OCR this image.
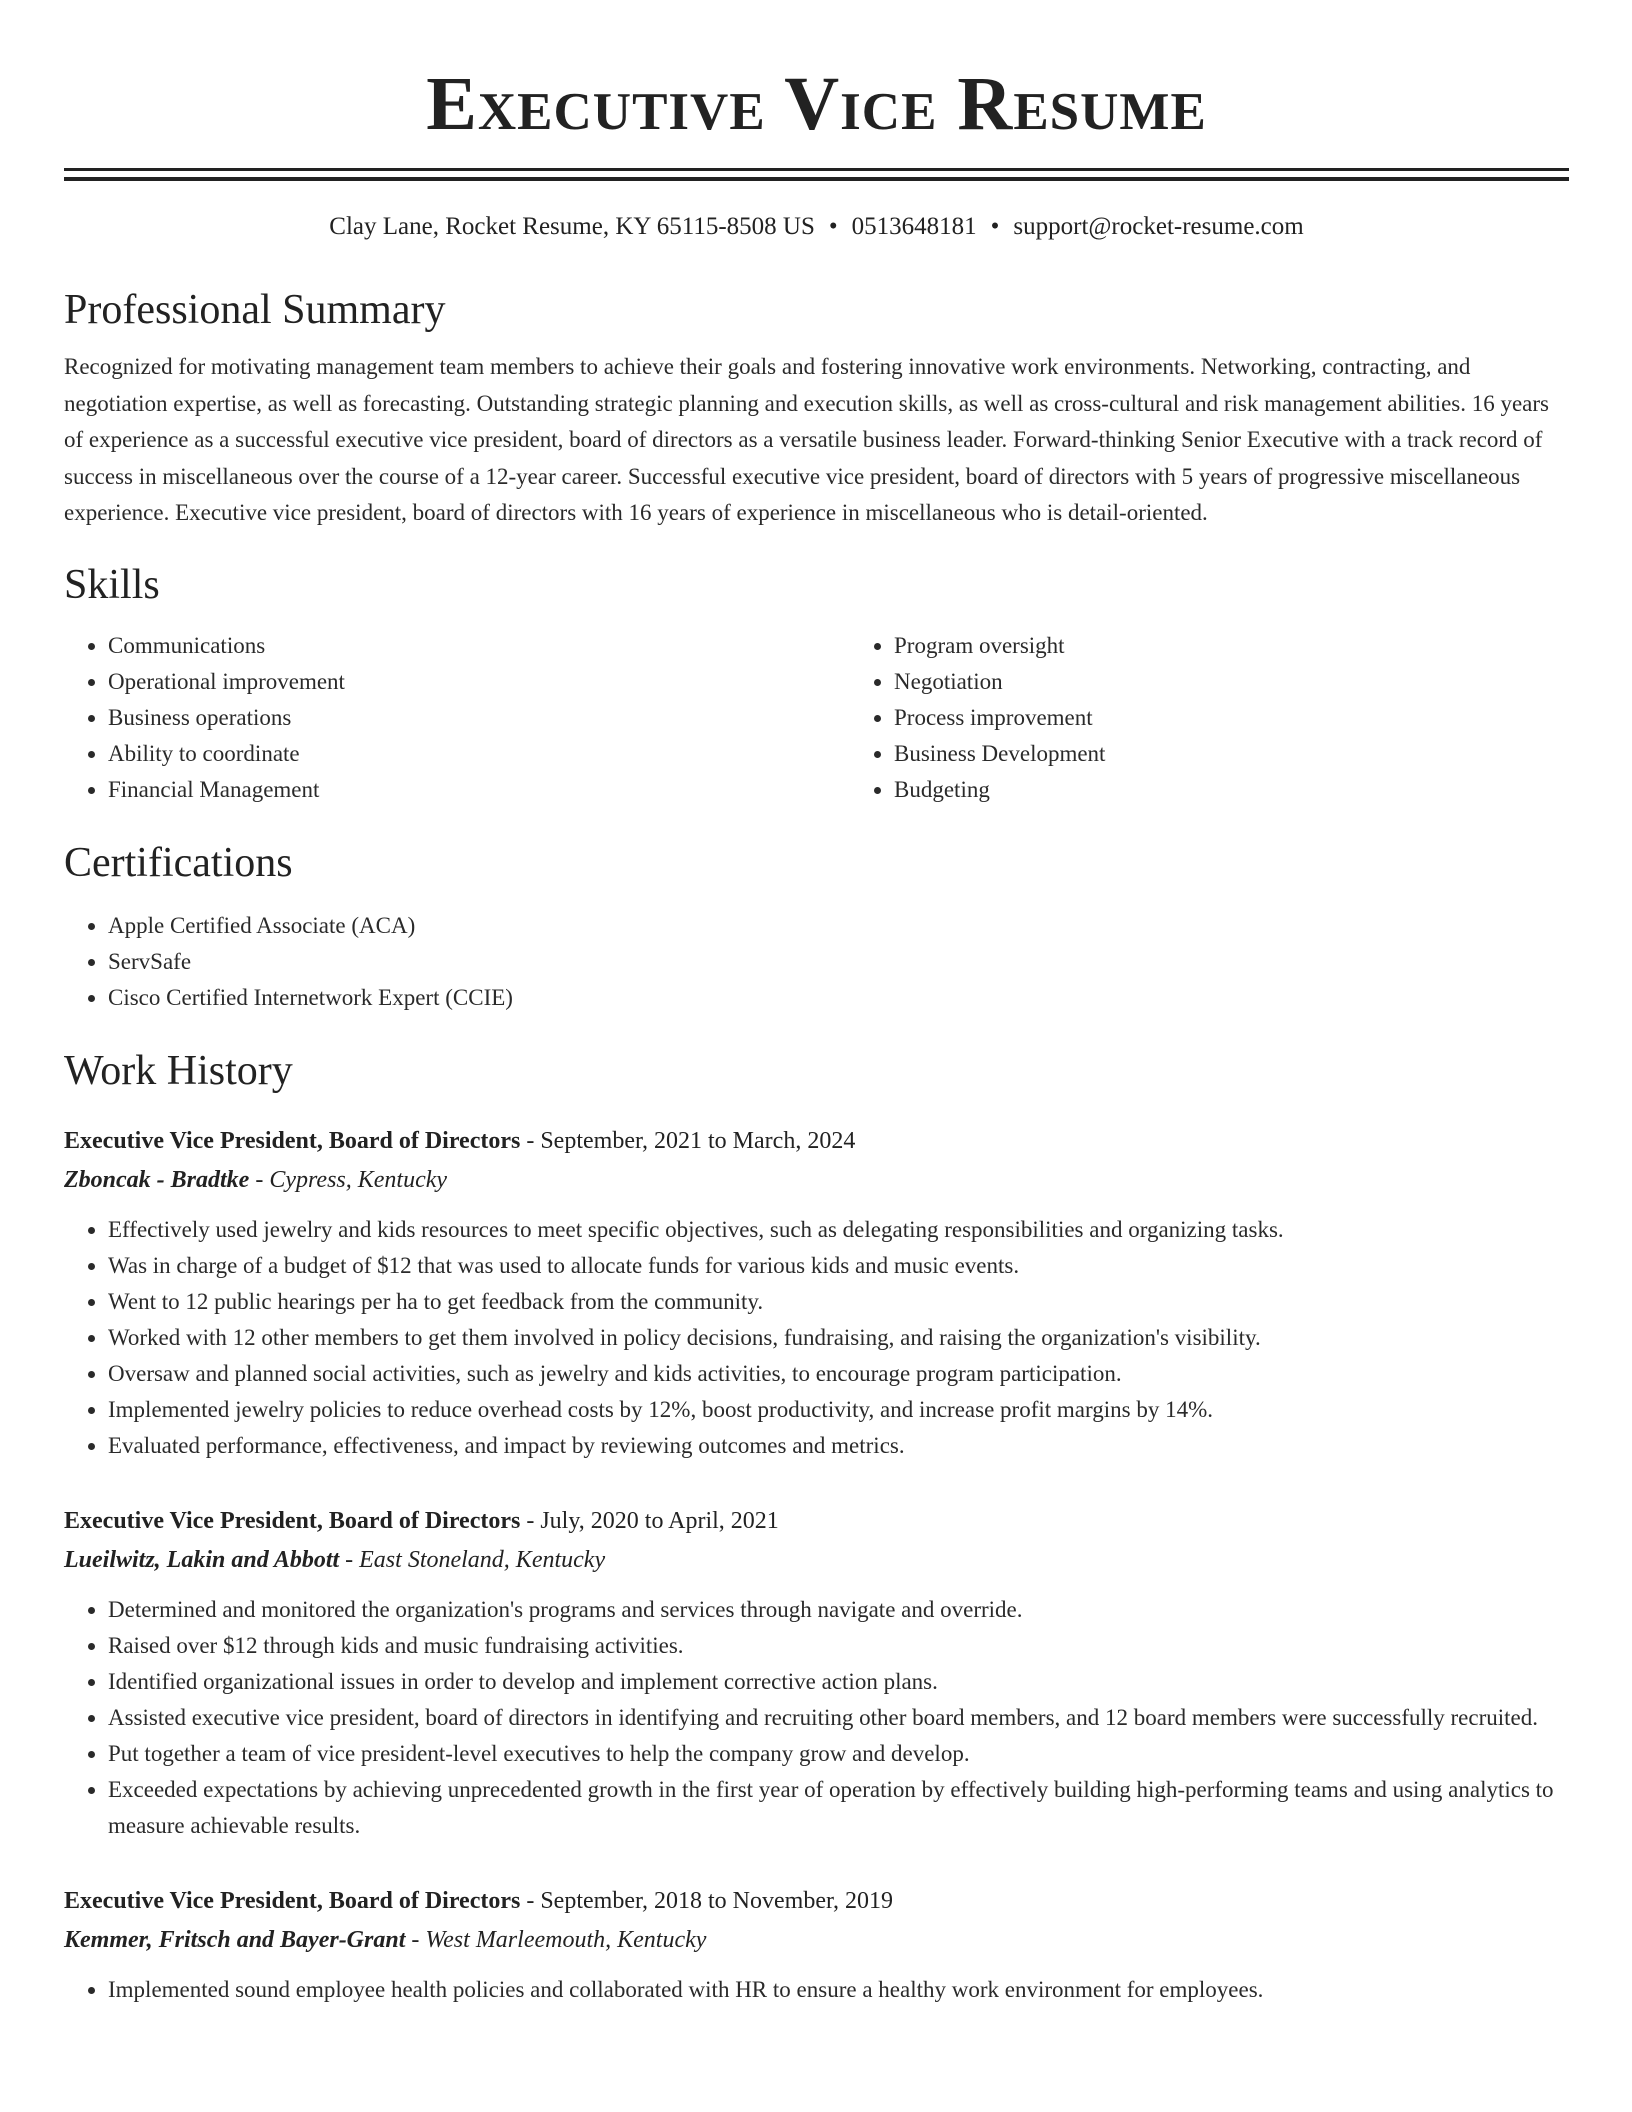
Executive Vice Resume
Clay Lane, Rocket Resume, KY 65115-8508 US • 0513648181 • support@rocket-resume.com
Professional Summary
Recognized for motivating management team members to achieve their goals and fostering innovative work environments. Networking, contracting, and negotiation expertise, as well as forecasting. Outstanding strategic planning and execution skills, as well as cross-cultural and risk management abilities. 16 years of experience as a successful executive vice president, board of directors as a versatile business leader. Forward-thinking Senior Executive with a track record of success in miscellaneous over the course of a 12-year career. Successful executive vice president, board of directors with 5 years of progressive miscellaneous experience. Executive vice president, board of directors with 16 years of experience in miscellaneous who is detail-oriented.
Skills
• Communications
• Operational improvement
• Business operations
• Ability to coordinate
• Financial Management
• Program oversight
• Negotiation
• Process improvement
• Business Development
• Budgeting
Certifications
• Apple Certified Associate (ACA)
• ServSafe
• Cisco Certified Internetwork Expert (CCIE)
Work History
Executive Vice President, Board of Directors - September, 2021 to March, 2024
Zboncak - Bradtke - Cypress, Kentucky
• Effectively used jewelry and kids resources to meet specific objectives, such as delegating responsibilities and organizing tasks.
• Was in charge of a budget of $12 that was used to allocate funds for various kids and music events.
• Went to 12 public hearings per ha to get feedback from the community.
• Worked with 12 other members to get them involved in policy decisions, fundraising, and raising the organization's visibility.
• Oversaw and planned social activities, such as jewelry and kids activities, to encourage program participation.
• Implemented jewelry policies to reduce overhead costs by 12%, boost productivity, and increase profit margins by 14%.
• Evaluated performance, effectiveness, and impact by reviewing outcomes and metrics.
Executive Vice President, Board of Directors - July, 2020 to April, 2021
Lueilwitz, Lakin and Abbott - East Stoneland, Kentucky
• Determined and monitored the organization's programs and services through navigate and override.
• Raised over $12 through kids and music fundraising activities.
• Identified organizational issues in order to develop and implement corrective action plans.
• Assisted executive vice president, board of directors in identifying and recruiting other board members, and 12 board members were successfully recruited.
• Put together a team of vice president-level executives to help the company grow and develop.
• Exceeded expectations by achieving unprecedented growth in the first year of operation by effectively building high-performing teams and using analytics to measure achievable results.
Executive Vice President, Board of Directors - September, 2018 to November, 2019
Kemmer, Fritsch and Bayer-Grant - West Marleemouth, Kentucky
• Implemented sound employee health policies and collaborated with HR to ensure a healthy work environment for employees.
